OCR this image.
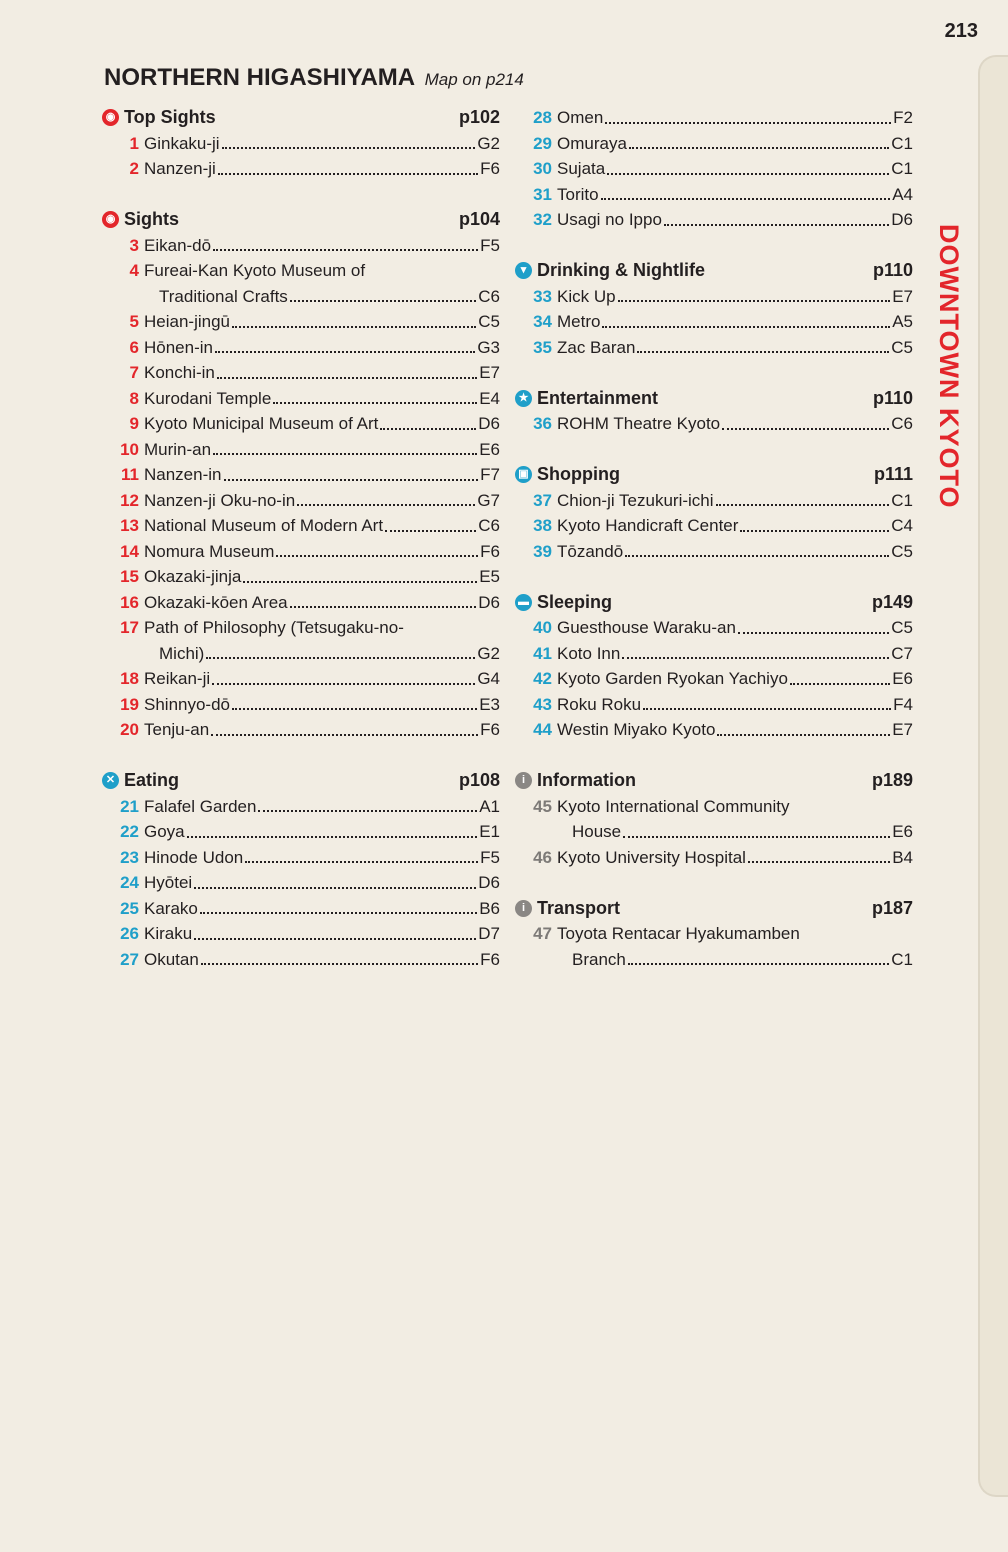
213
DOWNTOWN KYOTO
NORTHERN HIGASHIYAMA Map on p214
◉ Top Sights	p102
1 Ginkaku-ji	G2
2 Nanzen-ji	F6
◉ Sights	p104
3 Eikan-dō	F5
4 Fureai-Kan Kyoto Museum of
Traditional Crafts	C6
5 Heian-jingū	C5
6 Hōnen-in	G3
7 Konchi-in	E7
8 Kurodani Temple	E4
9 Kyoto Municipal Museum of Art	D6
10 Murin-an	E6
11 Nanzen-in	F7
12 Nanzen-ji Oku-no-in	G7
13 National Museum of Modern Art	C6
14 Nomura Museum	F6
15 Okazaki-jinja	E5
16 Okazaki-kōen Area	D6
17 Path of Philosophy (Tetsugaku-no-
Michi)	G2
18 Reikan-ji	G4
19 Shinnyo-dō	E3
20 Tenju-an	F6
✕ Eating	p108
21 Falafel Garden	A1
22 Goya	E1
23 Hinode Udon	F5
24 Hyōtei	D6
25 Karako	B6
26 Kiraku	D7
27 Okutan	F6
28 Omen	F2
29 Omuraya	C1
30 Sujata	C1
31 Torito	A4
32 Usagi no Ippo	D6
▾ Drinking & Nightlife	p110
33 Kick Up	E7
34 Metro	A5
35 Zac Baran	C5
★ Entertainment	p110
36 ROHM Theatre Kyoto	C6
▣ Shopping	p111
37 Chion-ji Tezukuri-ichi	C1
38 Kyoto Handicraft Center	C4
39 Tōzandō	C5
▬ Sleeping	p149
40 Guesthouse Waraku-an	C5
41 Koto Inn	C7
42 Kyoto Garden Ryokan Yachiyo	E6
43 Roku Roku	F4
44 Westin Miyako Kyoto	E7
i Information	p189
45 Kyoto International Community
House	E6
46 Kyoto University Hospital	B4
i Transport	p187
47 Toyota Rentacar Hyakumamben
Branch	C1
